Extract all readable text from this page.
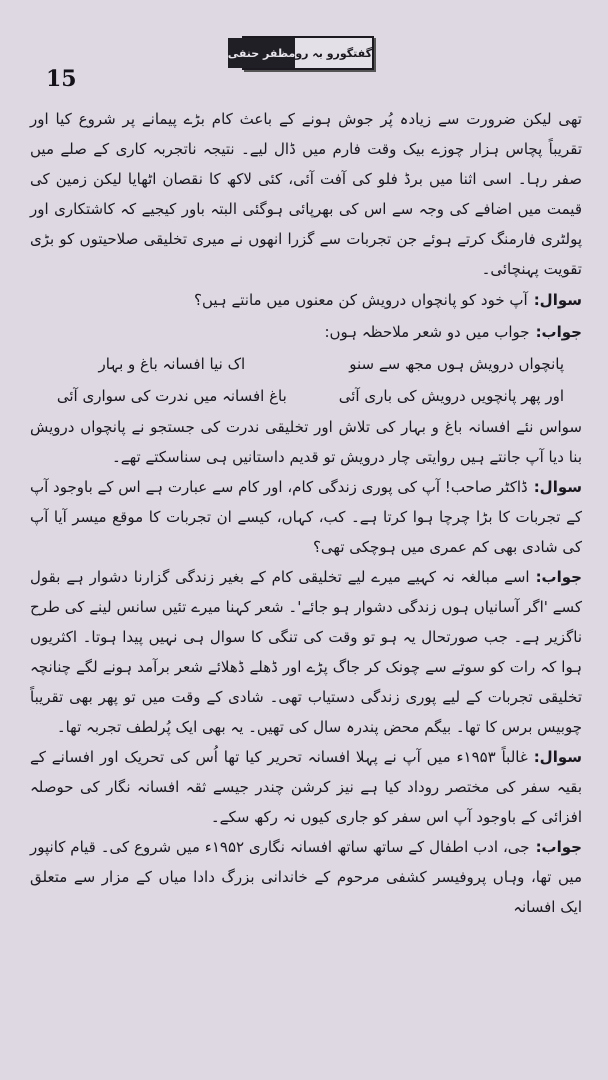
15
گفتگو
رو بہ رو
مظفر حنفی

تھی لیکن ضرورت سے زیادہ پُر جوش ہونے کے باعث کام بڑے پیمانے پر شروع کیا اور تقریباً پچاس ہزار چوزے بیک وقت فارم میں ڈال لیے۔ نتیجہ ناتجربہ کاری کے صلے میں صفر رہا۔ اسی اثنا میں برڈ فلو کی آفت آئی، کئی لاکھ کا نقصان اٹھایا لیکن زمین کی قیمت میں اضافے کی وجہ سے اس کی بھرپائی ہوگئی البتہ باور کیجیے کہ کاشتکاری اور پولٹری فارمنگ کرتے ہوئے جن تجربات سے گزرا انھوں نے میری تخلیقی صلاحیتوں کو بڑی تقویت پہنچائی۔

سوال:آپ خود کو پانچواں درویش کن معنوں میں مانتے ہیں؟

جواب:جواب میں دو شعر ملاحظہ ہوں:

پانچواں درویش ہوں مجھ سے سنو
اک نیا افسانہ باغ و بہار
اور پھر پانچویں درویش کی باری آئی
باغ افسانہ میں ندرت کی سواری آئی

سواس نئے افسانہ باغ و بہار کی تلاش اور تخلیقی ندرت کی جستجو نے پانچواں درویش بنا دیا آپ جانتے ہیں روایتی چار درویش تو قدیم داستانیں ہی سناسکتے تھے۔

سوال:ڈاکٹر صاحب! آپ کی پوری زندگی کام، اور کام سے عبارت ہے اس کے باوجود آپ کے تجربات کا بڑا چرچا ہوا کرتا ہے۔ کب، کہاں، کیسے ان تجربات کا موقع میسر آیا آپ کی شادی بھی کم عمری میں ہوچکی تھی؟

جواب:اسے مبالغہ نہ کہیے میرے لیے تخلیقی کام کے بغیر زندگی گزارنا دشوار ہے بقول کسے 'اگر آسانیاں ہوں زندگی دشوار ہو جائے'۔ شعر کہنا میرے تئیں سانس لینے کی طرح ناگزیر ہے۔ جب صورتحال یہ ہو تو وقت کی تنگی کا سوال ہی نہیں پیدا ہوتا۔ اکثریوں ہوا کہ رات کو سوتے سے چونک کر جاگ پڑے اور ڈھلے ڈھلائے شعر برآمد ہونے لگے چنانچہ تخلیقی تجربات کے لیے پوری زندگی دستیاب تھی۔ شادی کے وقت میں تو پھر بھی تقریباً چوبیس برس کا تھا۔ بیگم محض پندرہ سال کی تھیں۔ یہ بھی ایک پُرلطف تجربہ تھا۔

سوال:غالباً ۱۹۵۳ء میں آپ نے پہلا افسانہ تحریر کیا تھا اُس کی تحریک اور افسانے کے بقیہ سفر کی مختصر روداد کیا ہے نیز کرشن چندر جیسے ثقہ افسانہ نگار کی حوصلہ افزائی کے باوجود آپ اس سفر کو جاری کیوں نہ رکھ سکے۔

جواب:جی، ادب اطفال کے ساتھ ساتھ افسانہ نگاری ۱۹۵۲ء میں شروع کی۔ قیام کانپور میں تھا، وہاں پروفیسر کشفی مرحوم کے خاندانی بزرگ دادا میاں کے مزار سے متعلق ایک افسانہ
